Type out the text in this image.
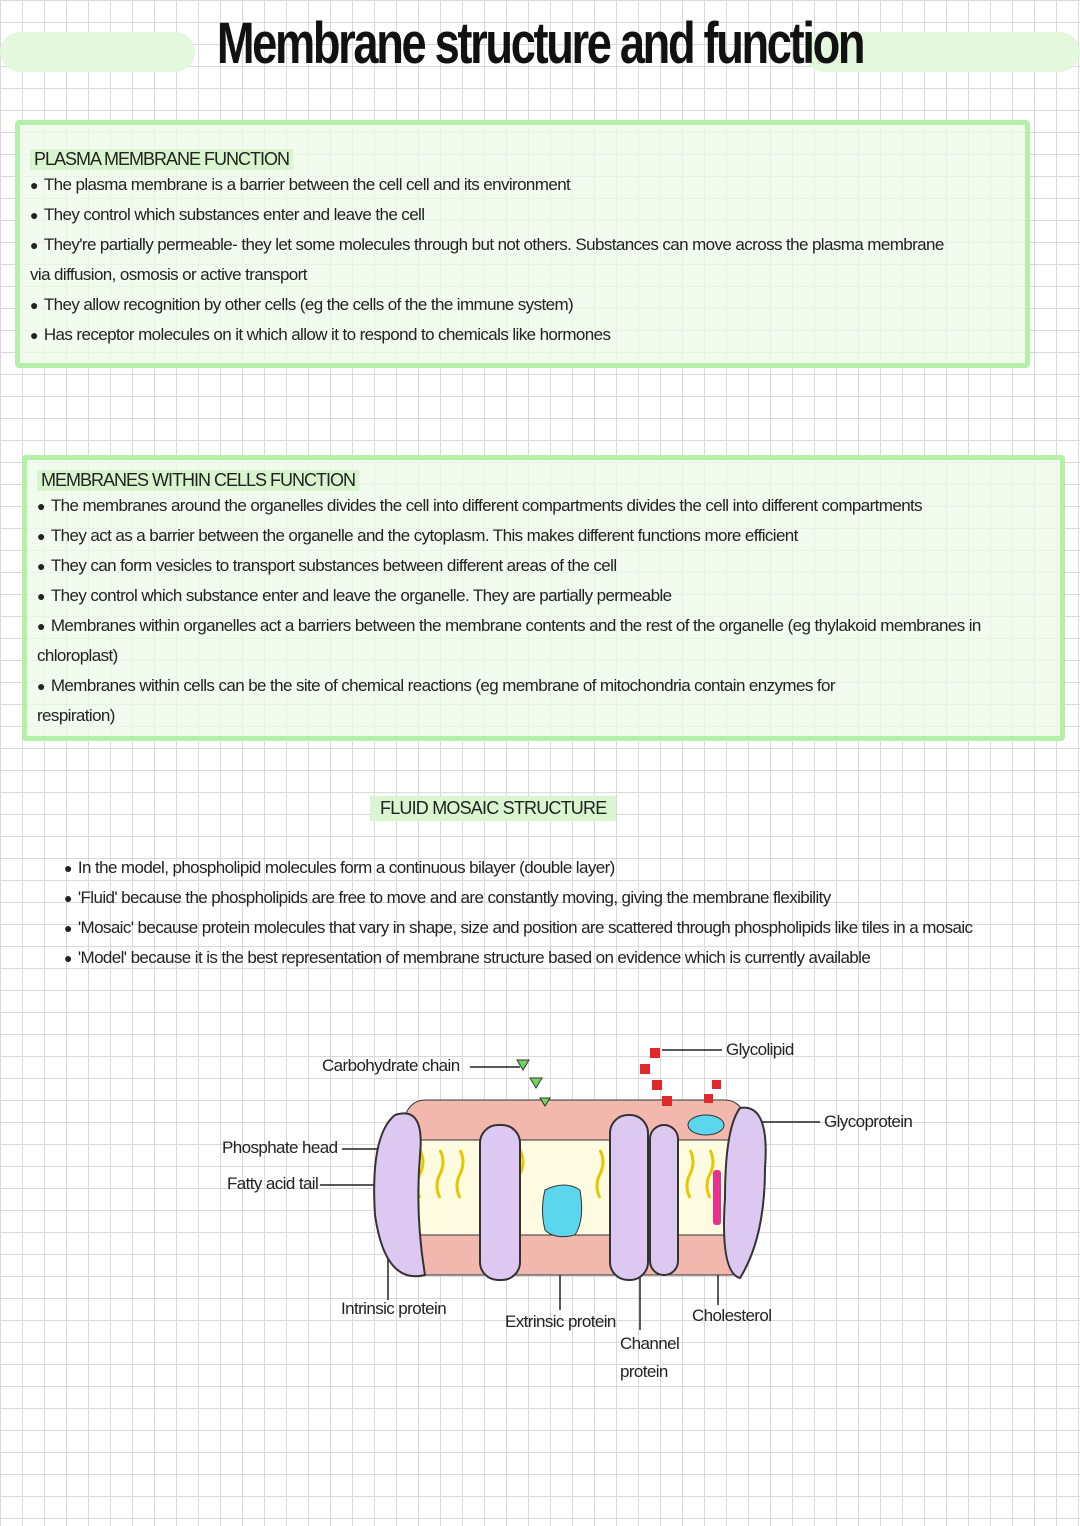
Membrane structure and function
PLASMA MEMBRANE FUNCTION
● The plasma membrane is a barrier between the cell cell and its environment
● They control which substances enter and leave the cell
● They're partially permeable- they let some molecules through but not others. Substances can move across the plasma membrane
via diffusion, osmosis or active transport
● They allow recognition by other cells (eg the cells of the the immune system)
● Has receptor molecules on it which allow it to respond to chemicals like hormones
MEMBRANES WITHIN CELLS FUNCTION
● The membranes around the organelles divides the cell into different compartments divides the cell into different compartments
● They act as a barrier between the organelle and the cytoplasm. This makes different functions more efficient
● They can form vesicles to transport substances between different areas of the cell
● They control which substance enter and leave the organelle. They are partially permeable
● Membranes within organelles act a barriers between the membrane contents and the rest of the organelle (eg thylakoid membranes in
chloroplast)
● Membranes within cells can be the site of chemical reactions (eg membrane of mitochondria contain enzymes for
respiration)
FLUID MOSAIC STRUCTURE
● In the model, phospholipid molecules form a continuous bilayer (double layer)
● 'Fluid' because the phospholipids are free to move and are constantly moving, giving the membrane flexibility
● 'Mosaic' because protein molecules that vary in shape, size and position are scattered through phospholipids like tiles in a mosaic
● 'Model' because it is the best representation of membrane structure based on evidence which is currently available
Carbohydrate chain
Glycolipid
Glycoprotein
Phosphate head
Fatty acid tail
Intrinsic protein
Extrinsic protein
Channel
protein
Cholesterol
